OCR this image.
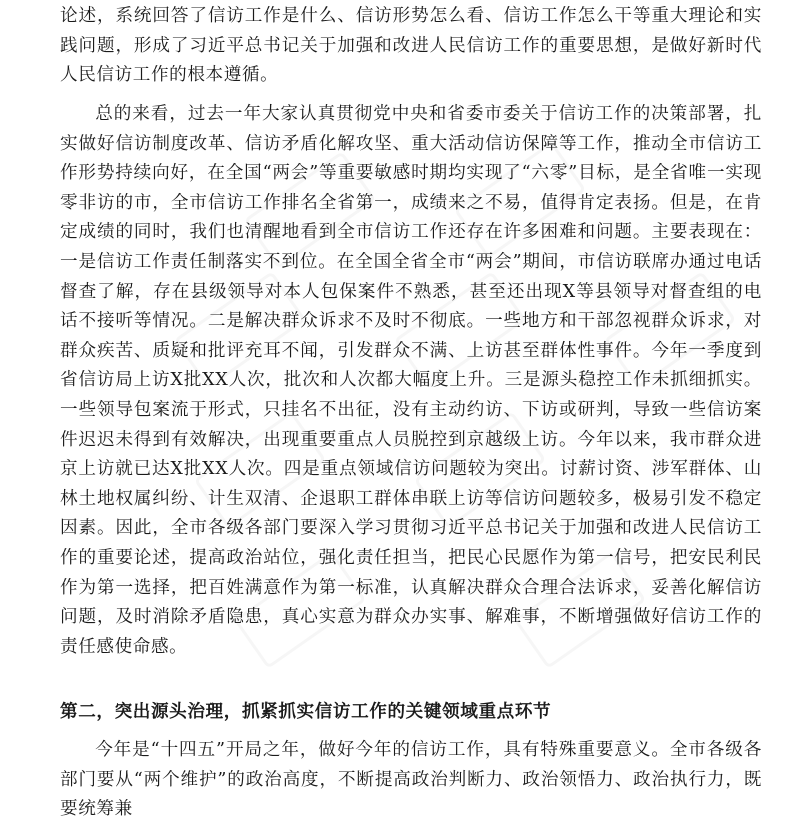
论述，系统回答了信访工作是什么、信访形势怎么看、信访工作怎么干等重大理论和实践问题，形成了习近平总书记关于加强和改进人民信访工作的重要思想，是做好新时代人民信访工作的根本遵循。

总的来看，过去一年大家认真贯彻党中央和省委市委关于信访工作的决策部署，扎实做好信访制度改革、信访矛盾化解攻坚、重大活动信访保障等工作，推动全市信访工作形势持续向好，在全国“两会”等重要敏感时期均实现了“六零”目标，是全省唯一实现零非访的市，全市信访工作排名全省第一，成绩来之不易，值得肯定表扬。但是，在肯定成绩的同时，我们也清醒地看到全市信访工作还存在许多困难和问题。主要表现在：一是信访工作责任制落实不到位。在全国全省全市“两会”期间，市信访联席办通过电话督查了解，存在县级领导对本人包保案件不熟悉，甚至还出现X等县领导对督查组的电话不接听等情况。二是解决群众诉求不及时不彻底。一些地方和干部忽视群众诉求，对群众疾苦、质疑和批评充耳不闻，引发群众不满、上访甚至群体性事件。今年一季度到省信访局上访X批XX人次，批次和人次都大幅度上升。三是源头稳控工作未抓细抓实。一些领导包案流于形式，只挂名不出征，没有主动约访、下访或研判，导致一些信访案件迟迟未得到有效解决，出现重要重点人员脱控到京越级上访。今年以来，我市群众进京上访就已达X批XX人次。四是重点领域信访问题较为突出。讨薪讨资、涉军群体、山林土地权属纠纷、计生双清、企退职工群体串联上访等信访问题较多，极易引发不稳定因素。因此，全市各级各部门要深入学习贯彻习近平总书记关于加强和改进人民信访工作的重要论述，提高政治站位，强化责任担当，把民心民愿作为第一信号，把安民利民作为第一选择，把百姓满意作为第一标准，认真解决群众合理合法诉求，妥善化解信访问题，及时消除矛盾隐患，真心实意为群众办实事、解难事，不断增强做好信访工作的责任感使命感。

第二，突出源头治理，抓紧抓实信访工作的关键领域重点环节

今年是“十四五”开局之年，做好今年的信访工作，具有特殊重要意义。全市各级各部门要从“两个维护”的政治高度，不断提高政治判断力、政治领悟力、政治执行力，既要统筹兼
